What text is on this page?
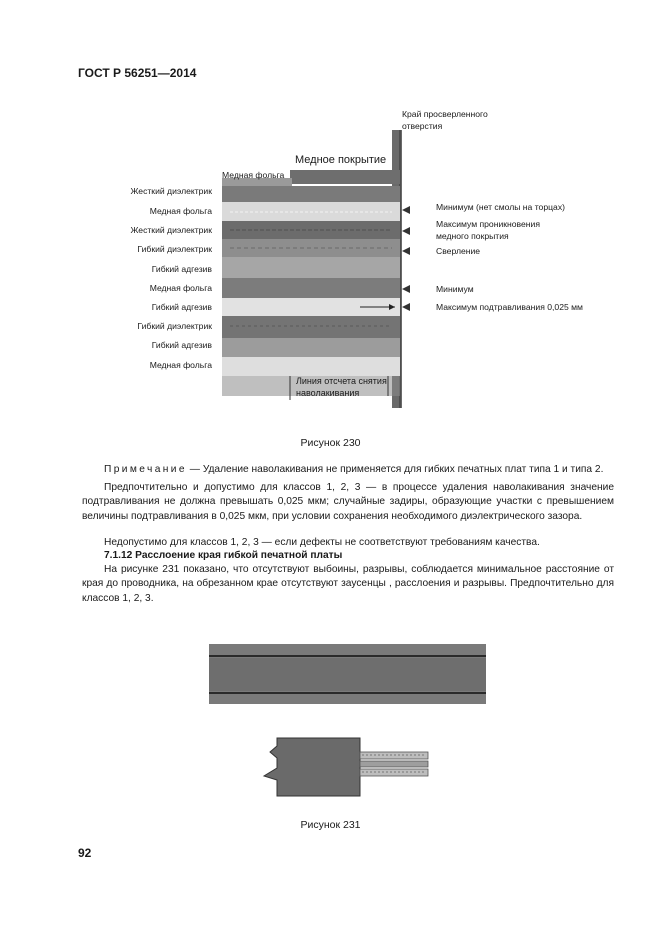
ГОСТ Р 56251—2014
Жесткий диэлектрик
Медная фольга
Жесткий диэлектрик
Гибкий диэлектрик
Гибкий адгезив
Медная фольга
Гибкий адгезив
Гибкий диэлектрик
Гибкий адгезив
Медная фольга
Медная фольга
Медное покрытие
Край просверленного
отверстия
Минимум (нет смолы на торцах)
Максимум проникновения
медного покрытия
Сверление
Минимум
Максимум подтравливания 0,025 мм
Линия отсчета снятия
наволакивания
Рисунок 230
Примечание — Удаление наволакивания не применяется для гибких печатных плат типа 1 и типа 2.
Предпочтительно и допустимо для классов 1, 2, 3 — в процессе удаления наволакивания значение подтравливания не должна превышать 0,025 мкм; случайные задиры, образующие участки с превышением величины подтравливания в 0,025 мкм, при условии сохранения необходимого диэлектрического зазора.
Недопустимо для классов 1, 2, 3 — если дефекты не соответствуют требованиям качества.
7.1.12 Расслоение края гибкой печатной платы
На рисунке 231 показано, что отсутствуют выбоины, разрывы, соблюдается минимальное расстояние от края до проводника, на обрезанном крае отсутствуют заусенцы , расслоения и разрывы. Предпочтительно для классов 1, 2, 3.
Рисунок 231
92
